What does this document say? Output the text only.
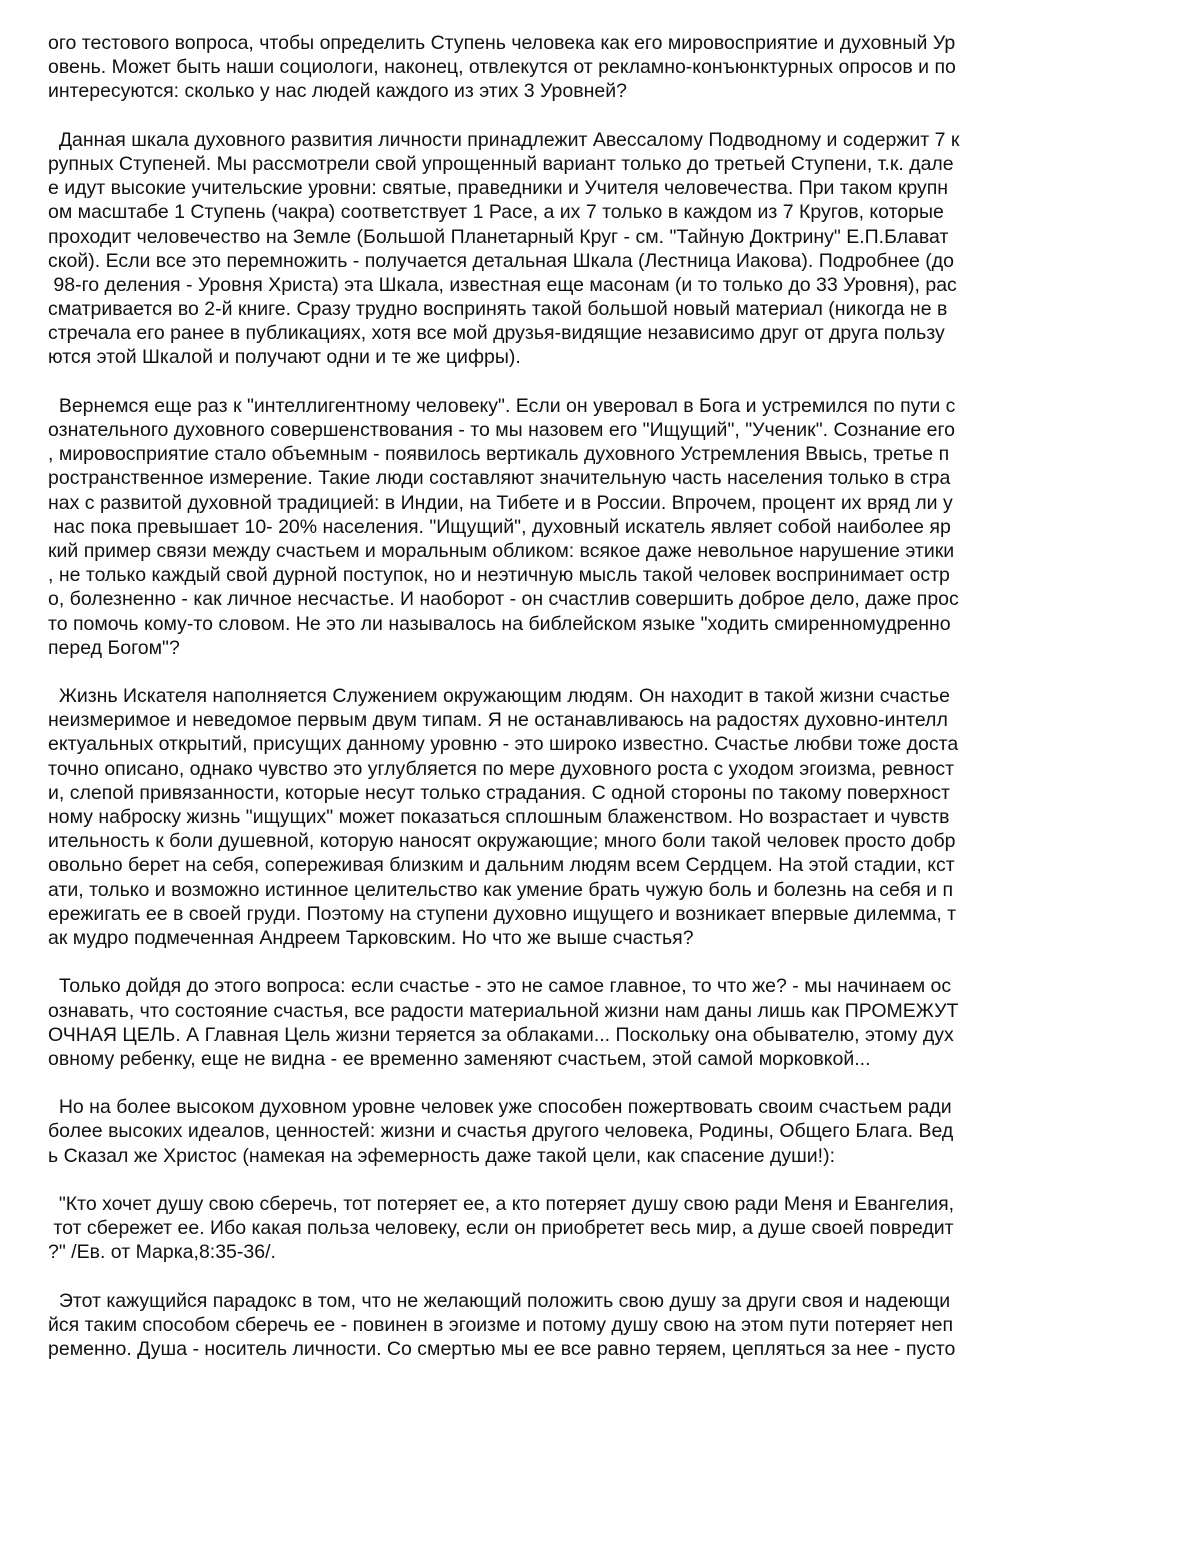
ого тестового вопроса, чтобы определить Ступень человека как его мировосприятие и духовный Ур
овень. Может быть наши социологи, наконец, отвлекутся от рекламно-конъюнктурных опросов и по
интересуются: сколько у нас людей каждого из этих 3 Уровней?
Данная шкала духовного развития личности принадлежит Авессалому Подводному и содержит 7 к
рупных Ступеней. Мы рассмотрели свой упрощенный вариант только до третьей Ступени, т.к. дале
е идут высокие учительские уровни: святые, праведники и Учителя человечества. При таком крупн
ом масштабе 1 Ступень (чакра) соответствует 1 Расе, а их 7 только в каждом из 7 Кругов, которые
проходит человечество на Земле (Большой Планетарный Круг - см. "Тайную Доктрину" Е.П.Блават
ской). Если все это перемножить - получается детальная Шкала (Лестница Иакова). Подробнее (до
98-го деления - Уровня Христа) эта Шкала, известная еще масонам (и то только до 33 Уровня), рас
сматривается во 2-й книге. Сразу трудно воспринять такой большой новый материал (никогда не в
стречала его ранее в публикациях, хотя все мой друзья-видящие независимо друг от друга пользу
ются этой Шкалой и получают одни и те же цифры).
Вернемся еще раз к "интеллигентному человеку". Если он уверовал в Бога и устремился по пути с
ознательного духовного совершенствования - то мы назовем его "Ищущий", "Ученик". Сознание его
, мировосприятие стало объемным - появилось вертикаль духовного Устремления Ввысь, третье п
ространственное измерение. Такие люди составляют значительную часть населения только в стра
нах с развитой духовной традицией: в Индии, на Тибете и в России. Впрочем, процент их вряд ли у
нас пока превышает 10- 20% населения. "Ищущий", духовный искатель являет собой наиболее яр
кий пример связи между счастьем и моральным обликом: всякое даже невольное нарушение этики
, не только каждый свой дурной поступок, но и неэтичную мысль такой человек воспринимает остр
о, болезненно - как личное несчастье. И наоборот - он счастлив совершить доброе дело, даже прос
то помочь кому-то словом. Не это ли называлось на библейском языке "ходить смиренномудренно
перед Богом"?
Жизнь Искателя наполняется Служением окружающим людям. Он находит в такой жизни счастье
неизмеримое и неведомое первым двум типам. Я не останавливаюсь на радостях духовно-интелл
ектуальных открытий, присущих данному уровню - это широко известно. Счастье любви тоже доста
точно описано, однако чувство это углубляется по мере духовного роста с уходом эгоизма, ревност
и, слепой привязанности, которые несут только страдания. С одной стороны по такому поверхност
ному наброску жизнь "ищущих" может показаться сплошным блаженством. Но возрастает и чувств
ительность к боли душевной, которую наносят окружающие; много боли такой человек просто добр
овольно берет на себя, сопереживая близким и дальним людям всем Сердцем. На этой стадии, кст
ати, только и возможно истинное целительство как умение брать чужую боль и болезнь на себя и п
ережигать ее в своей груди. Поэтому на ступени духовно ищущего и возникает впервые дилемма, т
ак мудро подмеченная Андреем Тарковским. Но что же выше счастья?
Только дойдя до этого вопроса: если счастье - это не самое главное, то что же? - мы начинаем ос
ознавать, что состояние счастья, все радости материальной жизни нам даны лишь как ПРОМЕЖУТ
ОЧНАЯ ЦЕЛЬ. А Главная Цель жизни теряется за облаками... Поскольку она обывателю, этому дух
овному ребенку, еще не видна - ее временно заменяют счастьем, этой самой морковкой...
Но на более высоком духовном уровне человек уже способен пожертвовать своим счастьем ради
более высоких идеалов, ценностей: жизни и счастья другого человека, Родины, Общего Блага. Вед
ь Сказал же Христос (намекая на эфемерность даже такой цели, как спасение души!):
"Кто хочет душу свою сберечь, тот потеряет ее, а кто потеряет душу свою ради Меня и Евангелия,
тот сбережет ее. Ибо какая польза человеку, если он приобретет весь мир, а душе своей повредит
?" /Ев. от Марка,8:35-36/.
Этот кажущийся парадокс в том, что не желающий положить свою душу за други своя и надеющи
йся таким способом сберечь ее - повинен в эгоизме и потому душу свою на этом пути потеряет неп
ременно. Душа - носитель личности. Со смертью мы ее все равно теряем, цепляться за нее - пусто
